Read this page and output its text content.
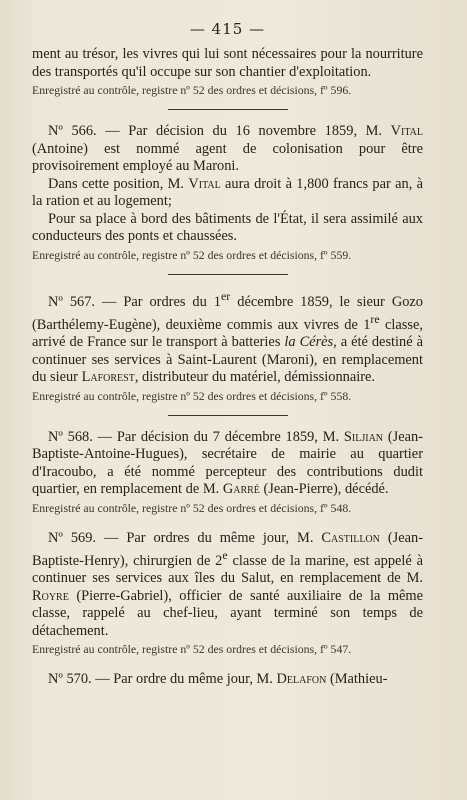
— 415 —

ment au trésor, les vivres qui lui sont nécessaires pour la nourriture des transportés qu'il occupe sur son chantier d'exploitation.

Enregistré au contrôle, registre nº 52 des ordres et décisions, fº 596.

Nº 566. — Par décision du 16 novembre 1859, M. Vital (Antoine) est nommé agent de colonisation pour être provisoirement employé au Maroni.

Dans cette position, M. Vital aura droit à 1,800 francs par an, à la ration et au logement;

Pour sa place à bord des bâtiments de l'État, il sera assimilé aux conducteurs des ponts et chaussées.

Enregistré au contrôle, registre nº 52 des ordres et décisions, fº 559.

Nº 567. — Par ordres du 1er décembre 1859, le sieur Gozo (Barthélemy-Eugène), deuxième commis aux vivres de 1re classe, arrivé de France sur le transport à batteries la Cérès, a été destiné à continuer ses services à Saint-Laurent (Maroni), en remplacement du sieur Laforest, distributeur du matériel, démissionnaire.

Enregistré au contrôle, registre nº 52 des ordres et décisions, fº 558.

Nº 568. — Par décision du 7 décembre 1859, M. Siljian (Jean-Baptiste-Antoine-Hugues), secrétaire de mairie au quartier d'Iracoubo, a été nommé percepteur des contributions dudit quartier, en remplacement de M. Garré (Jean-Pierre), décédé.

Enregistré au contrôle, registre nº 52 des ordres et décisions, fº 548.

Nº 569. — Par ordres du même jour, M. Castillon (Jean-Baptiste-Henry), chirurgien de 2e classe de la marine, est appelé à continuer ses services aux îles du Salut, en remplacement de M. Royre (Pierre-Gabriel), officier de santé auxiliaire de la même classe, rappelé au chef-lieu, ayant terminé son temps de détachement.

Enregistré au contrôle, registre nº 52 des ordres et décisions, fº 547.

Nº 570. — Par ordre du même jour, M. Delafon (Mathieu-
